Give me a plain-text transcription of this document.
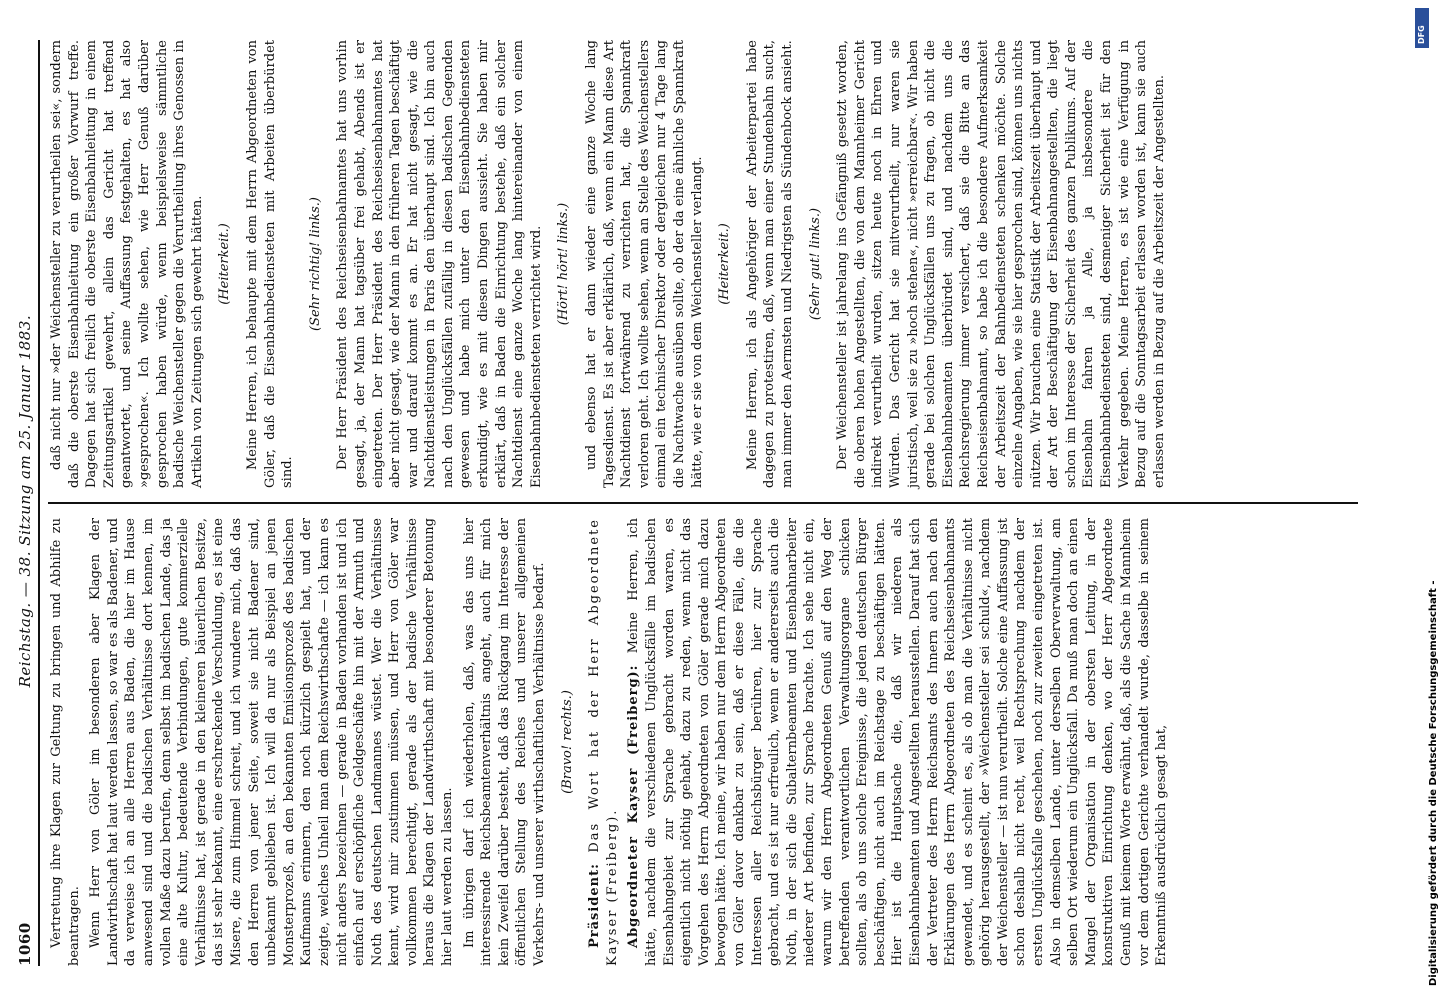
1060
Reichstag. — 38. Sitzung am 25. Januar 1883.

Vertretung ihre Klagen zur Geltung zu bringen und Abhilfe zu beantragen. Wenn Herr von Göler im besonderen aber Klagen der Landwirthschaft hat laut werden lassen, so war es als Badener, und da verweise ich an alle Herren aus Baden, die hier im Hause anwesend sind und die badischen Verhältnisse dort kennen, im vollen Maße dazu berufen, denn selbst im badischen Lande, das ja eine alte Kultur, bedeutende Verbindungen, gute kommerzielle Verhältnisse hat, ist gerade in den kleineren bäuerlichen Besitze, das ist sehr bekannt, eine erschreckende Verschuldung, es ist eine Misere, die zum Himmel schreit, und ich wundere mich, daß das den Herren von jener Seite, soweit sie nicht Badener sind, unbekannt geblieben ist. Ich will da nur als Beispiel an jenen Monsterprozeß, an den bekannten Emisionsprozeß des badischen Kaufmanns erinnern, den noch kürzlich gespielt hat, und der zeigte, welches Unheil man dem Reichswirthschafte — ich kann es nicht anders bezeichnen — gerade in Baden vorhanden ist und ich einfach auf erschöpfliche Geldgeschäfte hin mit der Armuth und Noth des deutschen Landmannes wüstet. Wer die Verhältnisse kennt, wird mir zustimmen müssen, und Herr von Göler war vollkommen berechtigt, gerade als der badische Verhältnisse heraus die Klagen der Landwirthschaft mit besonderer Betonung hier laut werden zu lassen. Im übrigen darf ich wiederholen, daß, was das uns hier interessirende Reichsbeamtenverhältnis angeht, auch für mich kein Zweifel darüber besteht, daß das Rückgang im Interesse der öffentlichen Stellung des Reiches und unserer allgemeinen Verkehrs- und unserer wirthschaftlichen Verhältnisse bedarf. (Bravo! rechts.)

Präsident: Das Wort hat der Herr Abgeordnete Kayser (Freiberg). Abgeordneter Kayser (Freiberg): Meine Herren, ich hätte, nachdem die verschiedenen Unglücksfälle im badischen Eisenbahngebiet zur Sprache gebracht worden waren, es eigentlich nicht nöthig gehabt, dazu zu reden, wenn nicht das Vorgehen des Herrn Abgeordneten von Göler gerade mich dazu bewogen hätte. Ich meine, wir haben nur dem Herrn Abgeordneten von Göler davor dankbar zu sein, daß er diese Fälle, die die Interessen aller Reichsbürger berühren, hier zur Sprache gebracht, und es ist nur erfreulich, wenn er andererseits auch die Noth, in der sich die Subalternbeamten und Eisenbahnarbeiter niederer Art befinden, zur Sprache brachte. Ich sehe nicht ein, warum wir den Herrn Abgeordneten Genuß auf den Weg der betreffenden verantwortlichen Verwaltungsorgane schicken sollten, als ob uns solche Ereignisse, die jeden deutschen Bürger beschäftigen, nicht auch im Reichstage zu beschäftigen hätten. Hier ist die Hauptsache die, daß wir niederen als Eisenbahnbeamten und Angestellten herausstellen. Darauf hat sich der Vertreter des Herrn Reichsamts des Innern auch nach den Erklärungen des Herrn Abgeordneten des Reichseisenbahnamts gewendet, und es scheint es, als ob man die Verhältnisse nicht gehörig herausgestellt, der »Weichensteller sei schuld«, nachdem der Weichensteller — ist nun verurtheilt. Solche eine Auffassung ist schon deshalb nicht recht, weil Rechtsprechung nachdem der ersten Unglücksfalle geschehen, noch zur zweiten eingetreten ist. Also in demselben Lande, unter derselben Oberverwaltung, am selben Ort wiederum ein Unglücksfall. Da muß man doch an einen Mangel der Organisation in der obersten Leitung, in der konstruktiven Einrichtung denken, wo der Herr Abgeordnete Genuß mit keinem Worte erwähnt, daß, als die Sache in Mannheim vor dem dortigen Gerichte verhandelt wurde, dasselbe in seinem Erkenntniß ausdrücklich gesagt hat,

daß nicht nur »der Weichensteller zu verurtheilen sei«, sondern daß die oberste Eisenbahnleitung ein großer Vorwurf treffe. Dagegen hat sich freilich die oberste Eisenbahnleitung in einem Zeitungsartikel gewehrt, allein das Gericht hat treffend geantwortet, und seine Auffassung festgehalten, es hat also »gesprochen«. Ich wollte sehen, wie Herr Genuß darüber gesprochen haben würde, wenn beispielsweise sämmtliche badische Weichensteller gegen die Verurtheilung ihres Genossen in Artikeln von Zeitungen sich gewehrt hätten. (Heiterkeit.) Meine Herren, ich behaupte mit dem Herrn Abgeordneten von Göler, daß die Eisenbahnbediensteten mit Arbeiten überbürdet sind.

(Sehr richtig! links.) Der Herr Präsident des Reichseisenbahnamtes hat uns vorhin gesagt, ja, der Mann hat tagsüber frei gehabt, Abends ist er eingetreten. Der Herr Präsident des Reichseisenbahnamtes hat aber nicht gesagt, wie der Mann in den früheren Tagen beschäftigt war und darauf kommt es an. Er hat nicht gesagt, wie die Nachtdienstleistungen in Paris den überhaupt sind. Ich bin auch nach den Unglücksfällen zufällig in diesen badischen Gegenden gewesen und habe mich unter den Eisenbahnbediensteten erkundigt, wie es mit diesen Dingen aussieht. Sie haben mir erklärt, daß in Baden die Einrichtung bestehe, daß ein solcher Nachtdienst eine ganze Woche lang hintereinander von einem Eisenbahnbediensteten verrichtet wird. (Hört! hört! links.) und ebenso hat er dann wieder eine ganze Woche lang Tagesdienst. Es ist aber erklärlich, daß, wenn ein Mann diese Art Nachtdienst fortwährend zu verrichten hat, die Spannkraft verloren geht. Ich wollte sehen, wenn an Stelle des Weichenstellers einmal ein technischer Direktor oder dergleichen nur 4 Tage lang die Nachtwache ausüben sollte, ob der da eine ähnliche Spannkraft hätte, wie er sie von dem Weichensteller verlangt. (Heiterkeit.) Meine Herren, ich als Angehöriger der Arbeiterpartei habe dagegen zu protestiren, daß, wenn man einer Stundenbahn sucht, man immer den Aermsten und Niedrigsten als Sündenbock ansieht. (Sehr gut! links.) Der Weichensteller ist jahrelang ins Gefängniß gesetzt worden, die oberen hohen Angestellten, die von dem Mannheimer Gericht indirekt verurtheilt wurden, sitzen heute noch in Ehren und Würden. Das Gericht hat sie mitverurtheilt, nur waren sie juristisch, weil sie zu »hoch stehen«, nicht »erreichbar«. Wir haben gerade bei solchen Unglücksfällen uns zu fragen, ob nicht die Eisenbahnbeamten überbürdet sind, und nachdem uns die Reichsregierung immer versichert, daß sie die Bitte an das Reichseisenbahnamt, so habe ich die besondere Aufmerksamkeit der Arbeitszeit der Bahnbediensteten schenken möchte. Solche einzelne Angaben, wie sie hier gesprochen sind, können uns nichts nützen. Wir brauchen eine Statistik der Arbeitszeit überhaupt und der Art der Beschäftigung der Eisenbahnangestellten, die liegt schon im Interesse der Sicherheit des ganzen Publikums. Auf der Eisenbahn fahren ja Alle, ja insbesondere die Eisenbahnbediensteten sind, desmeniger Sicherheit ist für den Verkehr gegeben. Meine Herren, es ist wie eine Verfügung in Bezug auf die Sonntagsarbeit erlassen worden ist, kann sie auch erlassen werden in Bezug auf die Arbeitszeit der Angestellten.

Digitalisierung gefördert durch die Deutsche Forschungsgemeinschaft -
DFG
